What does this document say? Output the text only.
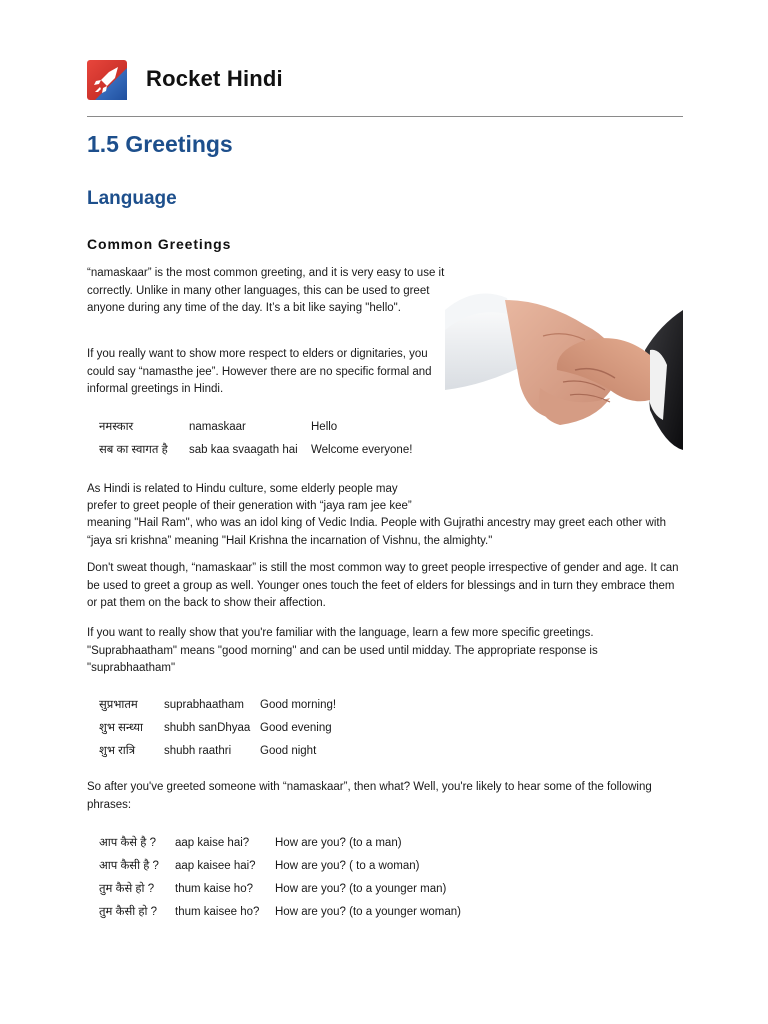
Rocket Hindi
1.5 Greetings
Language
Common Greetings

“namaskaar” is the most common greeting, and it is very easy to use it correctly. Unlike in many other languages, this can be used to greet anyone during any time of the day. It’s a bit like saying "hello".

If you really want to show more respect to elders or dignitaries, you could say “namasthe jee”. However there are no specific formal and informal greetings in Hindi.

नमस्कार	namaskaar	Hello
सब का स्वागत है	sab kaa svaagath hai	Welcome everyone!
As Hindi is related to Hindu culture, some elderly people may
prefer to greet people of their generation with “jaya ram jee kee”

meaning "Hail Ram", who was an idol king of Vedic India. People with Gujrathi ancestry may greet each other with “jaya sri krishna” meaning "Hail Krishna the incarnation of Vishnu, the almighty."

Don't sweat though, “namaskaar” is still the most common way to greet people irrespective of gender and age. It can be used to greet a group as well. Younger ones touch the feet of elders for blessings and in turn they embrace them or pat them on the back to show their affection.

If you want to really show that you're familiar with the language, learn a few more specific greetings. "Suprabhaatham" means "good morning" and can be used until midday. The appropriate response is "suprabhaatham"

सुप्रभातम	suprabhaatham	Good morning!
शुभ सन्ध्या	shubh sanDhyaa	Good evening
शुभ रात्रि	shubh raathri	Good night

So after you've greeted someone with “namaskaar”, then what? Well, you're likely to hear some of the following phrases:

आप कैसे है ?	aap kaise hai?	How are you? (to a man)
आप कैसी है ?	aap kaisee hai?	How are you? ( to a woman)
तुम कैसे हो ?	thum kaise ho?	How are you? (to a younger man)
तुम कैसी हो ?	thum kaisee ho?	How are you? (to a younger woman)
